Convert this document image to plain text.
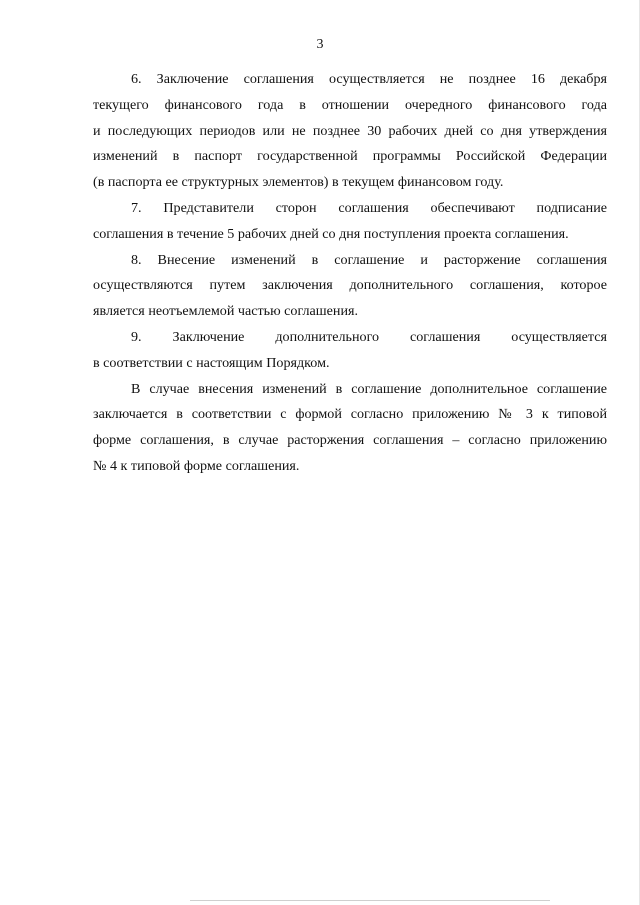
3

6. Заключение соглашения осуществляется не позднее 16 декабря
текущего финансового года в отношении очередного финансового года
и последующих периодов или не позднее 30 рабочих дней со дня утверждения
изменений в паспорт государственной программы Российской Федерации
(в паспорта ее структурных элементов) в текущем финансовом году.

7. Представители сторон соглашения обеспечивают подписание
соглашения в течение 5 рабочих дней со дня поступления проекта соглашения.

8. Внесение изменений в соглашение и расторжение соглашения
осуществляются путем заключения дополнительного соглашения, которое
является неотъемлемой частью соглашения.

9. Заключение дополнительного соглашения осуществляется
в соответствии с настоящим Порядком.

В случае внесения изменений в соглашение дополнительное соглашение
заключается в соответствии с формой согласно приложению № 3 к типовой
форме соглашения, в случае расторжения соглашения – согласно приложению
№ 4 к типовой форме соглашения.
